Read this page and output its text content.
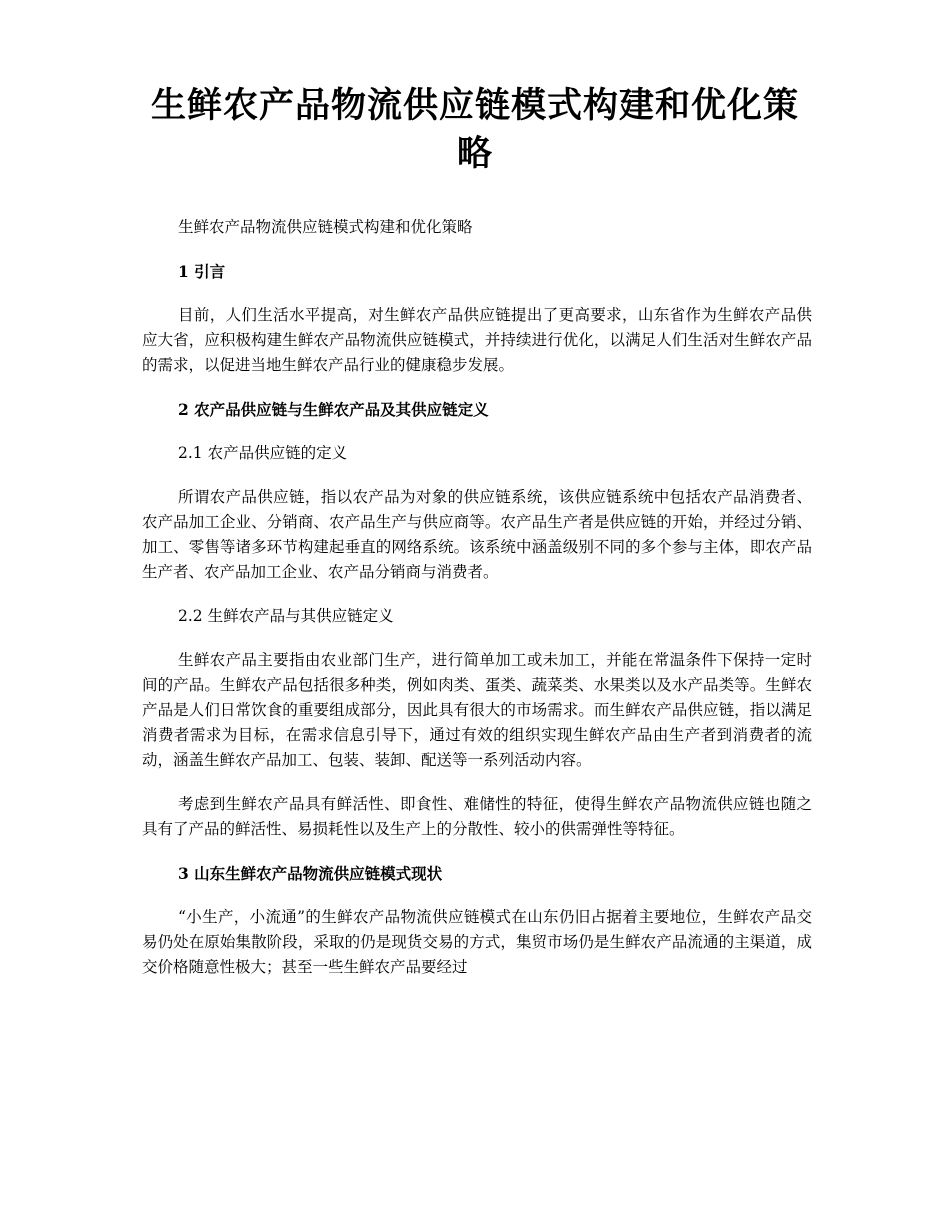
生鲜农产品物流供应链模式构建和优化策略

生鲜农产品物流供应链模式构建和优化策略

1 引言

目前，人们生活水平提高，对生鲜农产品供应链提出了更高要求，山东省作为生鲜农产品供应大省，应积极构建生鲜农产品物流供应链模式，并持续进行优化，以满足人们生活对生鲜农产品的需求，以促进当地生鲜农产品行业的健康稳步发展。

2 农产品供应链与生鲜农产品及其供应链定义

2.1 农产品供应链的定义

所谓农产品供应链，指以农产品为对象的供应链系统，该供应链系统中包括农产品消费者、农产品加工企业、分销商、农产品生产与供应商等。农产品生产者是供应链的开始，并经过分销、加工、零售等诸多环节构建起垂直的网络系统。该系统中涵盖级别不同的多个参与主体，即农产品生产者、农产品加工企业、农产品分销商与消费者。

2.2 生鲜农产品与其供应链定义

生鲜农产品主要指由农业部门生产，进行简单加工或未加工，并能在常温条件下保持一定时间的产品。生鲜农产品包括很多种类，例如肉类、蛋类、蔬菜类、水果类以及水产品类等。生鲜农产品是人们日常饮食的重要组成部分，因此具有很大的市场需求。而生鲜农产品供应链，指以满足消费者需求为目标，在需求信息引导下，通过有效的组织实现生鲜农产品由生产者到消费者的流动，涵盖生鲜农产品加工、包装、装卸、配送等一系列活动内容。

考虑到生鲜农产品具有鲜活性、即食性、难储性的特征，使得生鲜农产品物流供应链也随之具有了产品的鲜活性、易损耗性以及生产上的分散性、较小的供需弹性等特征。

3 山东生鲜农产品物流供应链模式现状

“小生产，小流通”的生鲜农产品物流供应链模式在山东仍旧占据着主要地位，生鲜农产品交易仍处在原始集散阶段，采取的仍是现货交易的方式，集贸市场仍是生鲜农产品流通的主渠道，成交价格随意性极大；甚至一些生鲜农产品要经过
